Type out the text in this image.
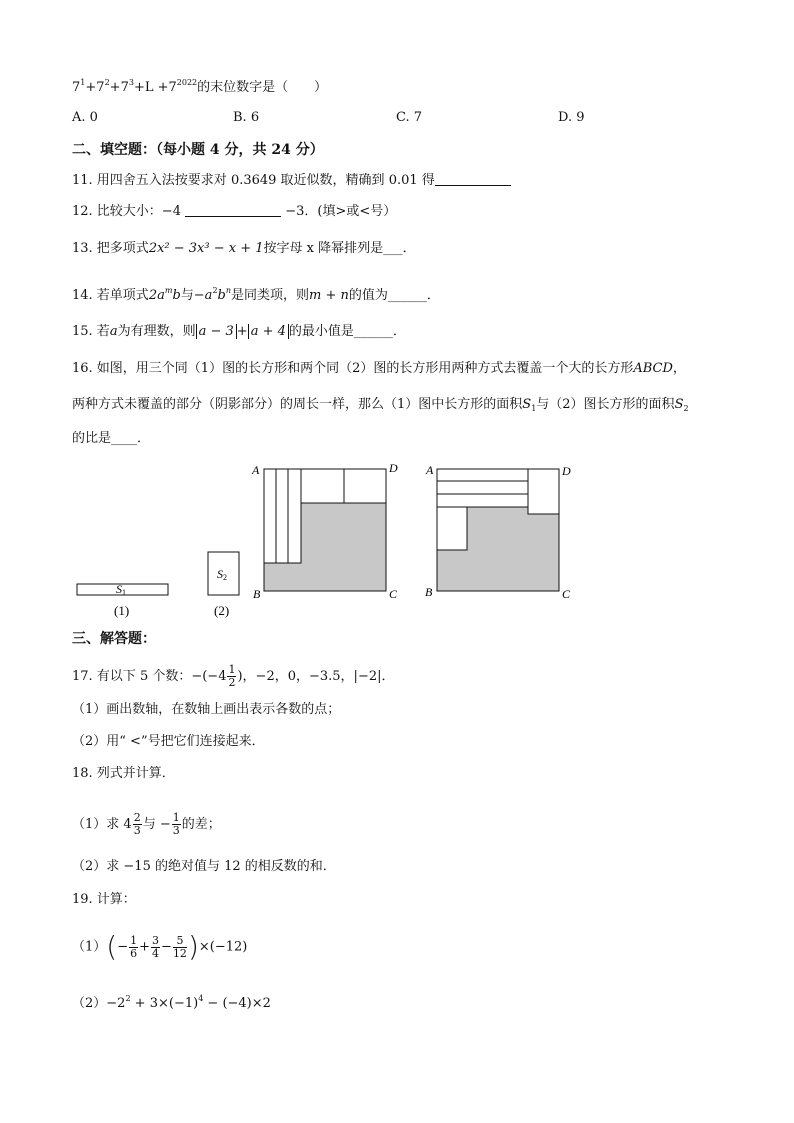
$7^1+7^2+7^3+L +7^{2022}$的末位数字是（　　）
A. 0	B. 6	C. 7	D. 9
二、填空题：（每小题 4 分，共 24 分）
11. 用四舍五入法按要求对 0.3649 取近似数，精确到 0.01 得
12. 比较大小：−4	−3．(填>或<号）
13. 把多项式2x² − 3x³ − x + 1按字母 x 降幂排列是___．
14. 若单项式$2a^mb$与$-a^2b^n$是同类项，则m + n的值为______．
15. 若a为有理数，则 a − 3 + a + 4 的最小值是______．
16. 如图，用三个同（1）图的长方形和两个同（2）图的长方形用两种方式去覆盖一个大的长方形ABCD，
两种方式未覆盖的部分（阴影部分）的周长一样，那么（1）图中长方形的面积$S_1$与（2）图长方形的面积$S_2$
的比是____．
S1
(1)
S2
(2)
A	D
B	C
A	D
B	C
三、解答题：
17. 有以下 5 个数：$-(-4 \frac{1}{2}$ )，−2，0，−3.5，|−2|．
（1）画出数轴，在数轴上画出表示各数的点；
（2）用“ <”号把它们连接起来．
18. 列式并计算．
（1）求 $4 \frac{2}{3}$ 与 − $\frac{1}{3}$ 的差；
（2）求 −15 的绝对值与 12 的相反数的和．
19. 计算：
$(1)(- \frac{1}{6} + \frac{3}{4} - \frac{5}{12} )\times(-12)$
$(2)-2^2 + 3\times(-1)^4 - (-4)\times 2$
